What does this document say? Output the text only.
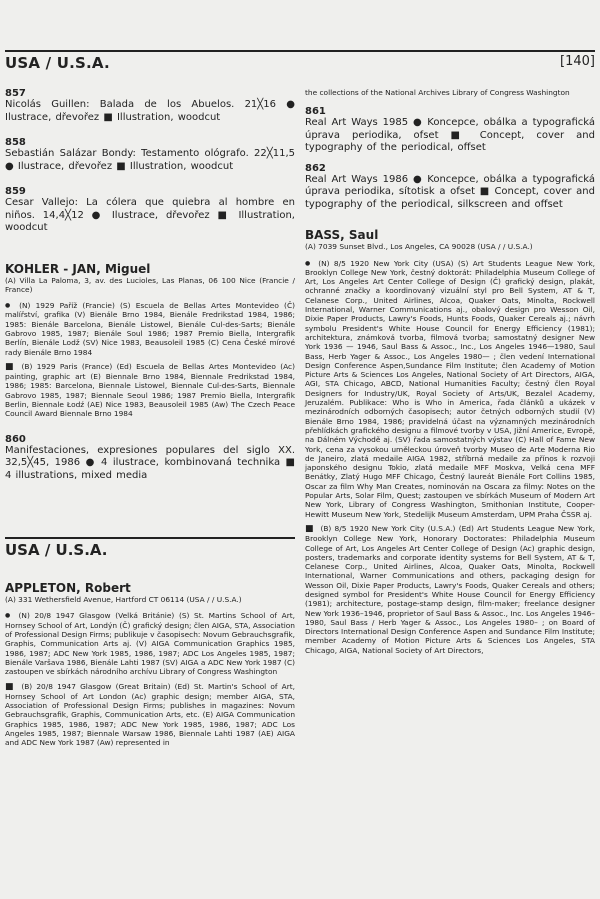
USA / U.S.A.	[140]

857

Nicolás Guillen: Balada de los Abuelos. 21╳16 ● Ilustrace, dřevořez ■ Illustration, woodcut

858

Sebastián Salázar Bondy: Testamento ológrafo. 22╳11,5 ● Ilustrace, dřevořez ■ Illustration, woodcut

859

Cesar Vallejo: La cólera que quiebra al hombre en niños. 14,4╳12 ● Ilustrace, dřevořez ■ Illustration, woodcut

KOHLER - JAN, Miguel

(A) Villa La Paloma, 3, av. des Lucioles, Las Planas, 06 100 Nice (Francie / France)

● (N) 1929 Paříž (Francie) (S) Escuela de Bellas Artes Montevideo (Č) malířství, grafika (V) Bienále Brno 1984, Bienále Fredrikstad 1984, 1986; 1985: Bienále Barcelona, Bienále Listowel, Bienále Cul-des-Sarts; Bienále Gabrovo 1985, 1987; Bienále Soul 1986; 1987 Premio Biella, Intergrafik Berlín, Bienále Lodž (SV) Nice 1983, Beausoleil 1985 (C) Cena České mírové rady Bienále Brno 1984

■ (B) 1929 Paris (France) (Ed) Escuela de Bellas Artes Montevideo (Ac) painting, graphic art (E) Biennale Brno 1984, Biennale Fredrikstad 1984, 1986; 1985: Barcelona, Biennale Listowel, Biennale Cul-des-Sarts, Biennale Gabrovo 1985, 1987; Biennale Seoul 1986; 1987 Premio Biella, Intergrafik Berlin, Biennale Łodź (AE) Nice 1983, Beausoleil 1985 (Aw) The Czech Peace Council Award Biennale Brno 1984

860

Manifestaciones, expresiones populares del siglo XX. 32,5╳45, 1986 ● 4 ilustrace, kombinovaná technika ■ 4 illustrations, mixed media

USA / U.S.A.

APPLETON, Robert

(A) 331 Wethersfield Avenue, Hartford CT 06114 (USA / / U.S.A.)

● (N) 20/8 1947 Glasgow (Velká Británie) (S) St. Martins School of Art, Hornsey School of Art, Londýn (Č) grafický design; člen AIGA, STA, Association of Professional Design Firms; publikuje v časopisech: Novum Gebrauchsgrafik, Graphis, Communication Arts aj. (V) AIGA Communication Graphics 1985, 1986, 1987; ADC New York 1985, 1986, 1987; ADC Los Angeles 1985, 1987; Bienále Varšava 1986, Bienále Lahti 1987 (SV) AIGA a ADC New York 1987 (C) zastoupen ve sbírkách národního archívu Library of Congress Washington

■ (B) 20/8 1947 Glasgow (Great Britain) (Ed) St. Martin's School of Art, Hornsey School of Art London (Ac) graphic design; member AIGA, STA, Association of Professional Design Firms; publishes in magazines: Novum Gebrauchsgrafik, Graphis, Communication Arts, etc. (E) AIGA Communication Graphics 1985, 1986, 1987; ADC New York 1985, 1986, 1987; ADC Los Angeles 1985, 1987; Biennale Warsaw 1986, Biennale Lahti 1987 (AE) AIGA and ADC New York 1987 (Aw) represented in

the collections of the National Archives Library of Congress Washington

861

Real Art Ways 1985 ● Koncepce, obálka a typografická úprava periodika, ofset ■ Concept, cover and typography of the periodical, offset

862

Real Art Ways 1986 ● Koncepce, obálka a typografická úprava periodika, sítotisk a ofset ■ Concept, cover and typography of the periodical, silkscreen and offset

BASS, Saul

(A) 7039 Sunset Blvd., Los Angeles, CA 90028 (USA / / U.S.A.)

● (N) 8/5 1920 New York City (USA) (S) Art Students League New York, Brooklyn College New York, čestný doktorát: Philadelphia Museum College of Art, Los Angeles Art Center College of Design (Č) grafický design, plakát, ochranné značky a koordinovaný vizuální styl pro Bell System, AT & T, Celanese Corp., United Airlines, Alcoa, Quaker Oats, Minolta, Rockwell International, Warner Communications aj., obalový design pro Wesson Oil, Dixie Paper Products, Lawry's Foods, Hunts Foods, Quaker Cereals aj.; návrh symbolu President's White House Council for Energy Efficiency (1981); architektura, známková tvorba, filmová tvorba; samostatný designer New York 1936 — 1946, Saul Bass & Assoc., Inc., Los Angeles 1946—1980, Saul Bass, Herb Yager & Assoc., Los Angeles 1980— ; člen vedení International Design Conference Aspen,Sundance Film Institute; člen Academy of Motion Picture Arts & Sciences Los Angeles, National Society of Art Directors, AIGA, AGI, STA Chicago, ABCD, National Humanities Faculty; čestný člen Royal Designers for Industry/UK, Royal Society of Arts/UK, Bezalel Academy, Jeruzalém. Publikace: Who is Who in America, řada článků a ukázek v mezinárodních odborných časopisech; autor četných odborných studií (V) Bienále Brno 1984, 1986; pravidelná účast na významných mezinárodních přehlídkách grafického designu a filmové tvorby v USA, Jižní Americe, Evropě, na Dálném Východě aj. (SV) řada samostatných výstav (C) Hall of Fame New York, cena za vysokou uměleckou úroveň tvorby Museo de Arte Moderna Rio de Janeiro, zlatá medaile AIGA 1982, stříbrná medaile za přínos k rozvoji japonského designu Tokio, zlatá medaile MFF Moskva, Velká cena MFF Benátky, Zlatý Hugo MFF Chicago, Čestný laureát Bienále Fort Collins 1985, Oscar za film Why Man Creates, nominován na Oscara za filmy: Notes on the Popular Arts, Solar Film, Quest; zastoupen ve sbírkách Museum of Modern Art New York, Library of Congress Washington, Smithonian Institute, Cooper-Hewitt Museum New York, Stedelijk Museum Amsterdam, UPM Praha ČSSR aj.

■ (B) 8/5 1920 New York City (U.S.A.) (Ed) Art Students League New York, Brooklyn College New York, Honorary Doctorates: Philadelphia Museum College of Art, Los Angeles Art Center College of Design (Ac) graphic design, posters, trademarks and corporate identity systems for Bell System, AT & T, Celanese Corp., United Airlines, Alcoa, Quaker Oats, Minolta, Rockwell International, Warner Communications and others, packaging design for Wesson Oil, Dixie Paper Products, Lawry's Foods, Quaker Cereals and others; designed symbol for President's White House Council for Energy Efficiency (1981); architecture, postage-stamp design, film-maker; freelance designer New York 1936–1946, proprietor of Saul Bass & Assoc., Inc. Los Angeles 1946–1980, Saul Bass / Herb Yager & Assoc., Los Angeles 1980– ; on Board of Directors International Design Conference Aspen and Sundance Film Institute; member Academy of Motion Picture Arts & Sciences Los Angeles, STA Chicago, AIGA, National Society of Art Directors,
